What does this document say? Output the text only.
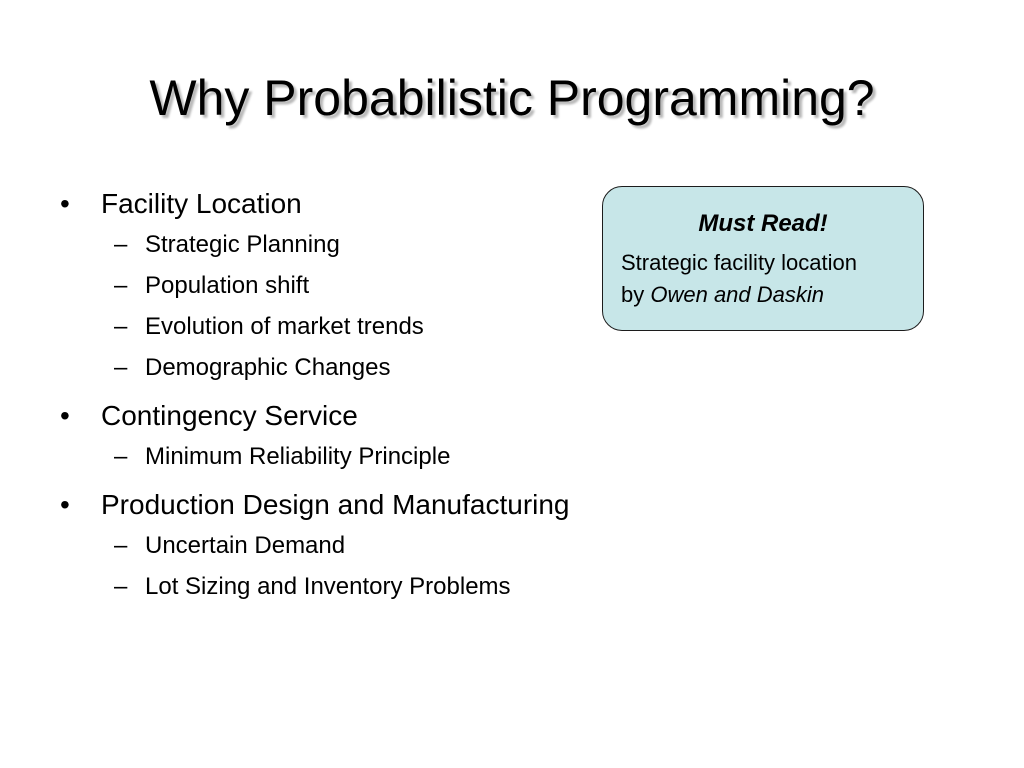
Why Probabilistic Programming?
• Facility Location
– Strategic Planning
– Population shift
– Evolution of market trends
– Demographic Changes
• Contingency Service
– Minimum Reliability Principle
• Production Design and Manufacturing
– Uncertain Demand
– Lot Sizing and Inventory Problems
Must Read!
Strategic facility location
by Owen and Daskin
